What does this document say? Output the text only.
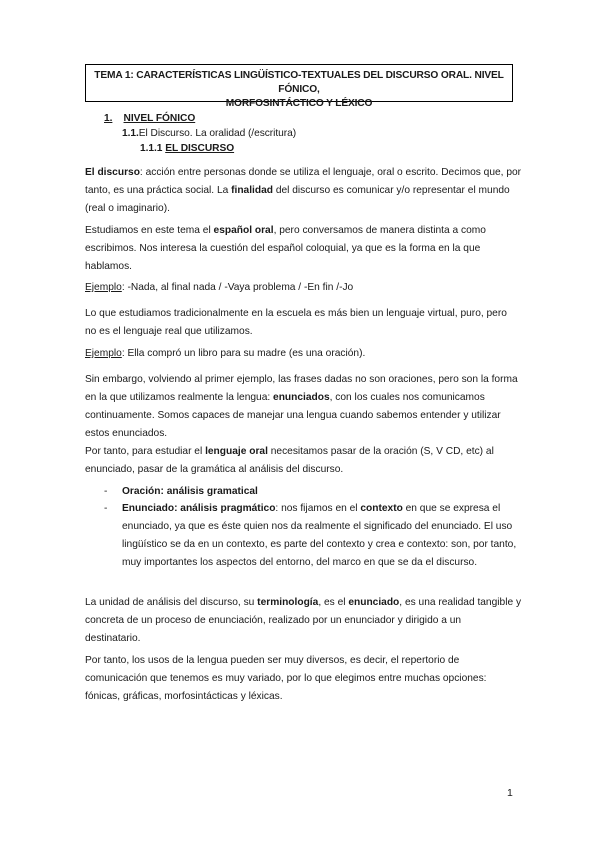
TEMA 1: CARACTERÍSTICAS LINGÜÍSTICO-TEXTUALES DEL DISCURSO ORAL. NIVEL FÓNICO,
MORFOSINTÁCTICO Y LÉXICO
1. NIVEL FÓNICO
1.1.El Discurso. La oralidad (/escritura)
1.1.1 EL DISCURSO
El discurso: acción entre personas donde se utiliza el lenguaje, oral o escrito. Decimos que, por
tanto, es una práctica social. La finalidad del discurso es comunicar y/o representar el mundo
(real o imaginario).
Estudiamos en este tema el español oral, pero conversamos de manera distinta a como
escribimos. Nos interesa la cuestión del español coloquial, ya que es la forma en la que
hablamos.
Ejemplo: -Nada, al final nada / -Vaya problema / -En fin /-Jo
Lo que estudiamos tradicionalmente en la escuela es más bien un lenguaje virtual, puro, pero
no es el lenguaje real que utilizamos.
Ejemplo: Ella compró un libro para su madre (es una oración).
Sin embargo, volviendo al primer ejemplo, las frases dadas no son oraciones, pero son la forma
en la que utilizamos realmente la lengua: enunciados, con los cuales nos comunicamos
continuamente. Somos capaces de manejar una lengua cuando sabemos entender y utilizar
estos enunciados.
Por tanto, para estudiar el lenguaje oral necesitamos pasar de la oración (S, V CD, etc) al
enunciado, pasar de la gramática al análisis del discurso.
- Oración: análisis gramatical
- Enunciado: análisis pragmático: nos fijamos en el contexto en que se expresa el
enunciado, ya que es éste quien nos da realmente el significado del enunciado. El uso
lingüístico se da en un contexto, es parte del contexto y crea e contexto: son, por tanto,
muy importantes los aspectos del entorno, del marco en que se da el discurso.
La unidad de análisis del discurso, su terminología, es el enunciado, es una realidad tangible y
concreta de un proceso de enunciación, realizado por un enunciador y dirigido a un
destinatario.
Por tanto, los usos de la lengua pueden ser muy diversos, es decir, el repertorio de
comunicación que tenemos es muy variado, por lo que elegimos entre muchas opciones:
fónicas, gráficas, morfosintácticas y léxicas.
1
